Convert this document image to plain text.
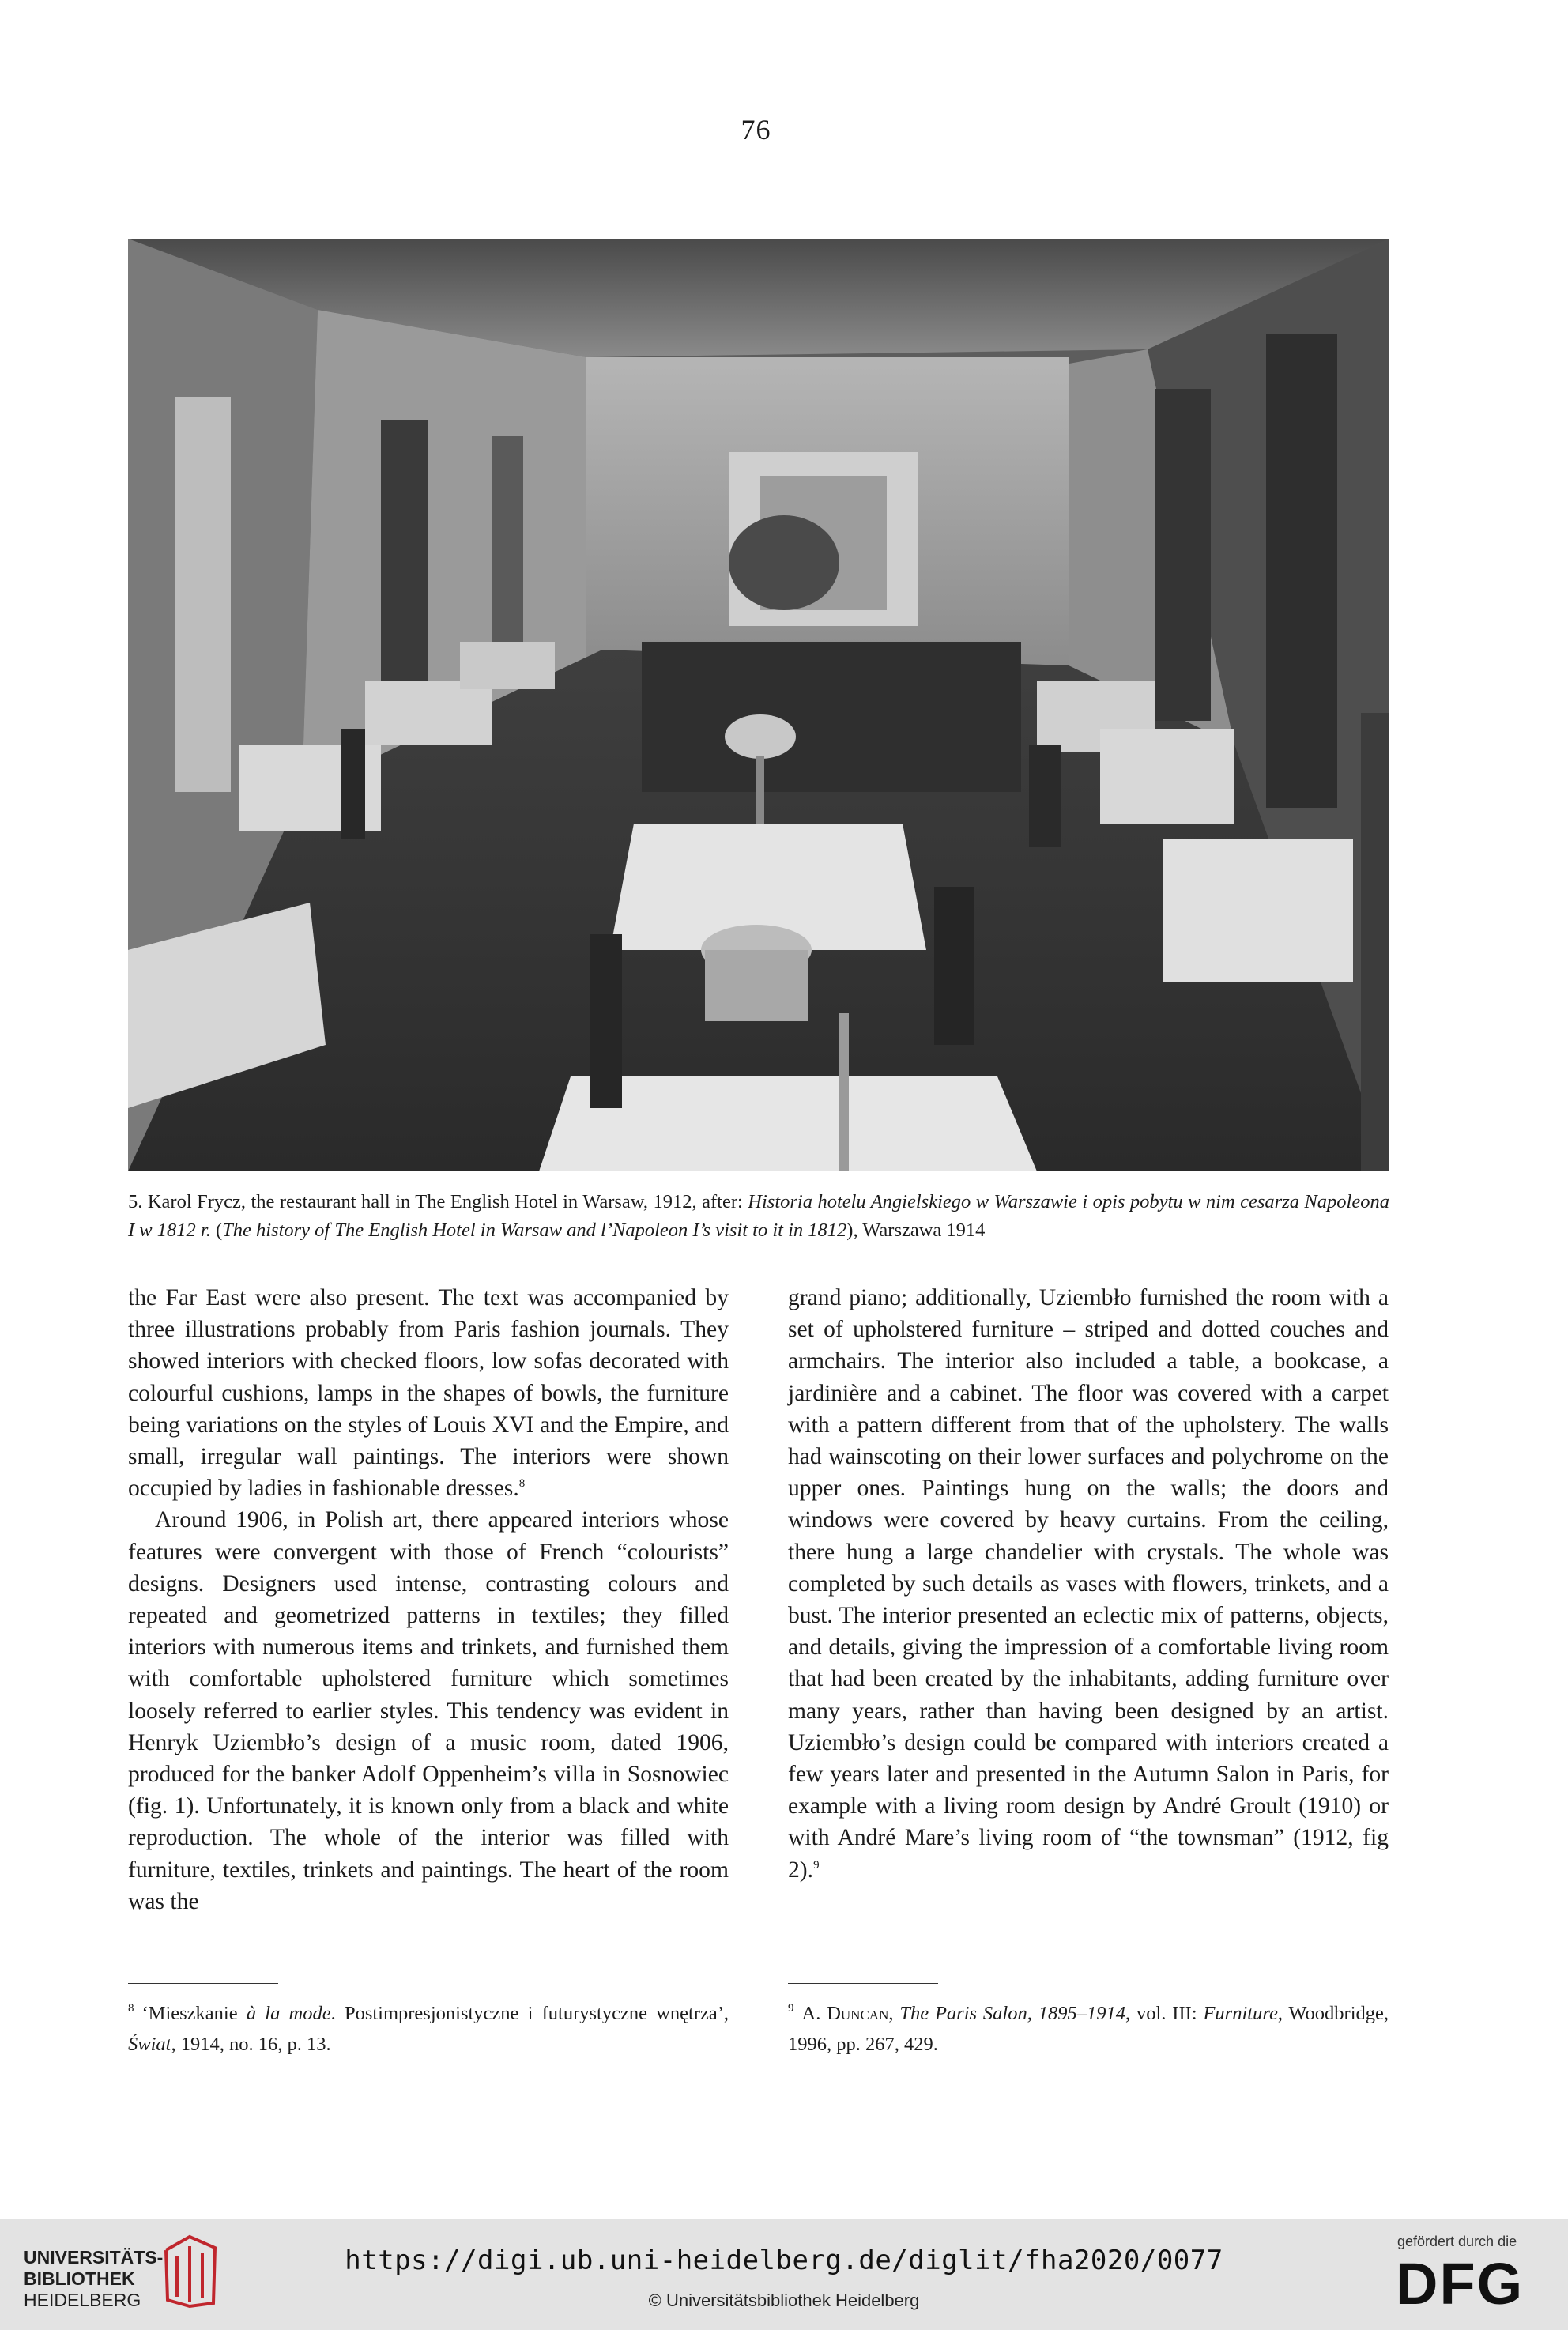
76
5. Karol Frycz, the restaurant hall in The English Hotel in Warsaw, 1912, after: Historia hotelu Angielskiego w Warszawie i opis pobytu w nim cesarza Napoleona I w 1812 r. (The history of The English Hotel in Warsaw and l’Napoleon I’s visit to it in 1812), Warszawa 1914

the Far East were also present. The text was accompanied by three illustrations probably from Paris fashion journals. They showed interiors with checked floors, low sofas decorated with colourful cushions, lamps in the shapes of bowls, the furniture being variations on the styles of Louis XVI and the Empire, and small, irregular wall paintings. The interiors were shown occupied by ladies in fashionable dresses.$^8$

Around 1906, in Polish art, there appeared interiors whose features were convergent with those of French “colourists” designs. Designers used intense, contrasting colours and repeated and geometrized patterns in textiles; they filled interiors with numerous items and trinkets, and furnished them with comfortable upholstered furniture which sometimes loosely referred to earlier styles. This tendency was evident in Henryk Uziembło’s design of a music room, dated 1906, produced for the banker Adolf Oppenheim’s villa in Sosnowiec (fig. 1). Unfortunately, it is known only from a black and white reproduction. The whole of the interior was filled with furniture, textiles, trinkets and paintings. The heart of the room was the

grand piano; additionally, Uziembło furnished the room with a set of upholstered furniture – striped and dotted couches and armchairs. The interior also included a table, a bookcase, a jardinière and a cabinet. The floor was covered with a carpet with a pattern different from that of the upholstery. The walls had wainscoting on their lower surfaces and polychrome on the upper ones. Paintings hung on the walls; the doors and windows were covered by heavy curtains. From the ceiling, there hung a large chandelier with crystals. The whole was completed by such details as vases with flowers, trinkets, and a bust. The interior presented an eclectic mix of patterns, objects, and details, giving the impression of a comfortable living room that had been created by the inhabitants, adding furniture over many years, rather than having been designed by an artist. Uziembło’s design could be compared with interiors created a few years later and presented in the Autumn Salon in Paris, for example with a living room design by André Groult (1910) or with André Mare’s living room of “the townsman” (1912, fig 2).$^9$

$^8$ ‘Mieszkanie à la mode. Postimpresjonistyczne i futurystyczne wnętrza’, Świat, 1914, no. 16, p. 13.
$^9$ A. Duncan, The Paris Salon, 1895–1914, vol. III: Furniture, Woodbridge, 1996, pp. 267, 429.
UNIVERSITÄTS-
BIBLIOTHEK
HEIDELBERG
https://digi.ub.uni-heidelberg.de/diglit/fha2020/0077
© Universitätsbibliothek Heidelberg
gefördert durch die
DFG
